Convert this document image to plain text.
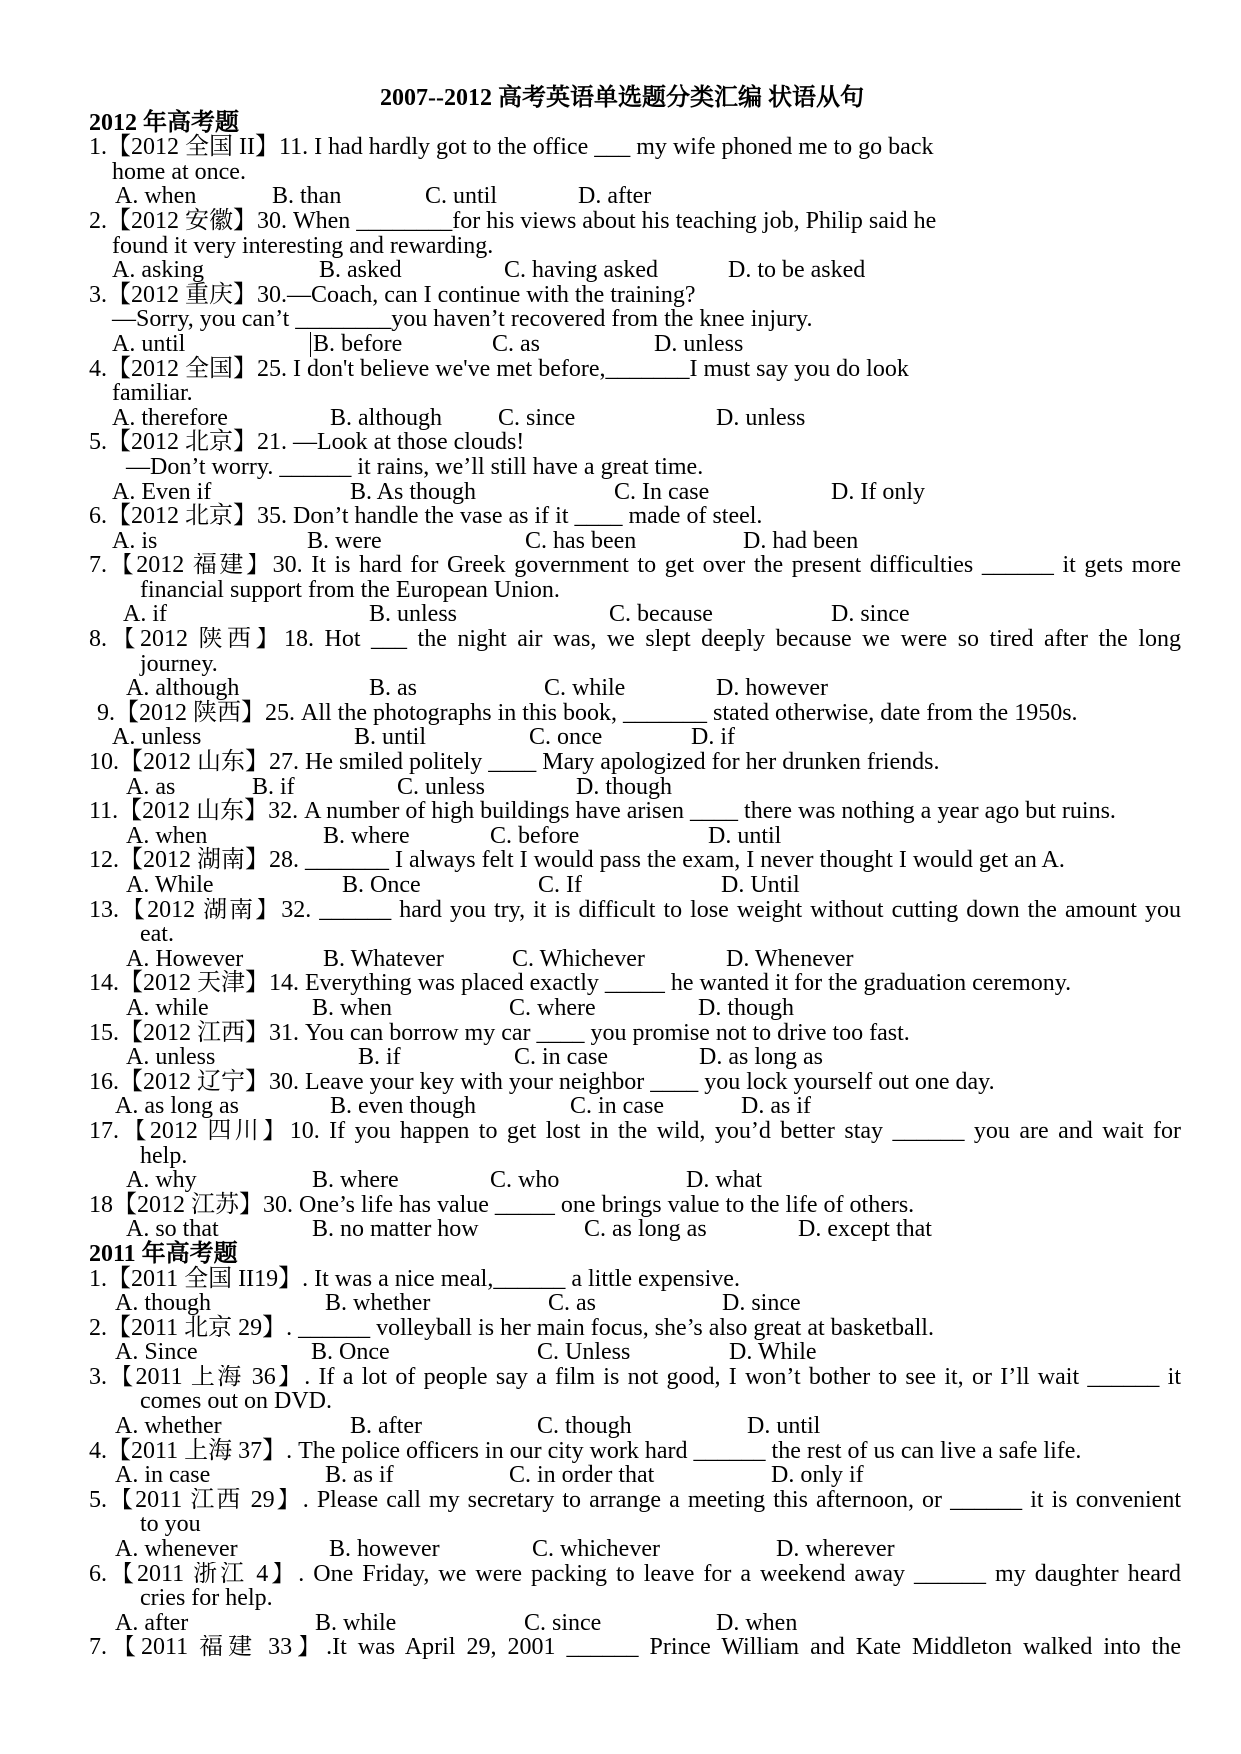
2007--2012 高考英语单选题分类汇编 状语从句
2012 年高考题
1.【2012 全国 II】11. I had hardly got to the office ___ my wife phoned me to go back
home at once.
A. when	B. than	C. until	D. after
2.【2012 安徽】30. When ________for his views about his teaching job, Philip said he
found it very interesting and rewarding.
A. asking	B. asked	C. having asked	D. to be asked
3.【2012 重庆】30.—Coach, can I continue with the training?
—Sorry, you can’t ________you haven’t recovered from the knee injury.
A. until	B. before	C. as	D. unless
4.【2012 全国】25. I don't believe we've met before,_______I must say you do look
familiar.
A. therefore	B. although C. since	D. unless
5.【2012 北京】21. —Look at those clouds!
—Don’t worry. ______ it rains, we’ll still have a great time.
A. Even if	B. As though	C. In case	D. If only
6.【2012 北京】35. Don’t handle the vase as if it ____ made of steel.
A. is	B. were	C. has been	D. had been
7.【2012 福建】30. It is hard for Greek government to get over the present difficulties ______ it gets more
financial support from the European Union.
A. if	B. unless	C. because	D. since
8.【2012 陕西】18. Hot ___ the night air was, we slept deeply because we were so tired after the long
journey.
A. although	B. as	C. while	D. however
9.【2012 陕西】25. All the photographs in this book, _______ stated otherwise, date from the 1950s.
A. unless	B. until	C. once	D. if
10.【2012 山东】27. He smiled politely ____ Mary apologized for her drunken friends.
A. as	B. if	C. unless	D. though
11.【2012 山东】32. A number of high buildings have arisen ____ there was nothing a year ago but ruins.
A. when	B. where	C. before	D. until
12.【2012 湖南】28. _______ I always felt I would pass the exam, I never thought I would get an A.
A. While	B. Once	C. If	D. Until
13.【2012 湖南】32. ______ hard you try, it is difficult to lose weight without cutting down the amount you
eat.
A. However	B. Whatever	C. Whichever	D. Whenever
14.【2012 天津】14. Everything was placed exactly _____ he wanted it for the graduation ceremony.
A. while	B. when	C. where	D. though
15.【2012 江西】31. You can borrow my car ____ you promise not to drive too fast.
A. unless	B. if	C. in case	D. as long as
16.【2012 辽宁】30. Leave your key with your neighbor ____ you lock yourself out one day.
A. as long as	B. even though	C. in case	D. as if
17.【2012 四川】10. If you happen to get lost in the wild, you’d better stay ______ you are and wait for
help.
A. why	B. where	C. who	D. what
18【2012 江苏】30. One’s life has value _____ one brings value to the life of others.
A. so that	B. no matter how	C. as long as	D. except that
2011 年高考题
1.【2011 全国 II19】. It was a nice meal,______ a little expensive.
A. though	B. whether	C. as	D. since
2.【2011 北京 29】. ______ volleyball is her main focus, she’s also great at basketball.
A. Since	B. Once	C. Unless	D. While
3.【2011 上海 36】. If a lot of people say a film is not good, I won’t bother to see it, or I’ll wait ______ it
comes out on DVD.
A. whether	B. after	C. though	D. until
4.【2011 上海 37】. The police officers in our city work hard ______ the rest of us can live a safe life.
A. in case	B. as if	C. in order that	D. only if
5.【2011 江西 29】. Please call my secretary to arrange a meeting this afternoon, or ______ it is convenient
to you
A. whenever	B. however	C. whichever	D. wherever
6.【2011 浙江 4】. One Friday, we were packing to leave for a weekend away ______ my daughter heard
cries for help.
A. after	B. while	C. since	D. when
7.【2011 福建 33】.It was April 29, 2001 ______ Prince William and Kate Middleton walked into the
